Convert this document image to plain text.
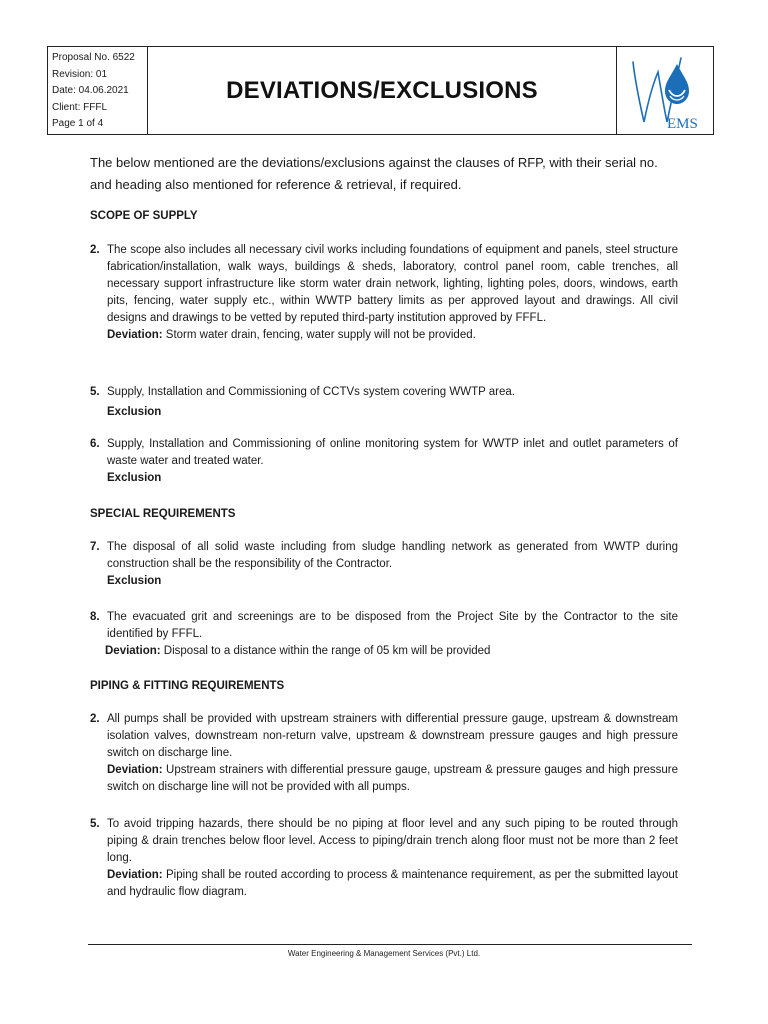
Proposal No. 6522
Revision: 01
Date: 04.06.2021
Client: FFFL
Page 1 of 4
DEVIATIONS/EXCLUSIONS
EMS

The below mentioned are the deviations/exclusions against the clauses of RFP, with their serial no. and heading also mentioned for reference & retrieval, if required.

SCOPE OF SUPPLY

2. The scope also includes all necessary civil works including foundations of equipment and panels, steel structure fabrication/installation, walk ways, buildings & sheds, laboratory, control panel room, cable trenches, all necessary support infrastructure like storm water drain network, lighting, lighting poles, doors, windows, earth pits, fencing, water supply etc., within WWTP battery limits as per approved layout and drawings. All civil designs and drawings to be vetted by reputed third-party institution approved by FFFL.

Deviation: Storm water drain, fencing, water supply will not be provided.

5. Supply, Installation and Commissioning of CCTVs system covering WWTP area.

Exclusion

6. Supply, Installation and Commissioning of online monitoring system for WWTP inlet and outlet parameters of waste water and treated water.

Exclusion

SPECIAL REQUIREMENTS

7. The disposal of all solid waste including from sludge handling network as generated from WWTP during construction shall be the responsibility of the Contractor.

Exclusion

8. The evacuated grit and screenings are to be disposed from the Project Site by the Contractor to the site identified by FFFL.

Deviation: Disposal to a distance within the range of 05 km will be provided

PIPING & FITTING REQUIREMENTS

2. All pumps shall be provided with upstream strainers with differential pressure gauge, upstream & downstream isolation valves, downstream non-return valve, upstream & downstream pressure gauges and high pressure switch on discharge line.

Deviation: Upstream strainers with differential pressure gauge, upstream & pressure gauges and high pressure switch on discharge line will not be provided with all pumps.

5. To avoid tripping hazards, there should be no piping at floor level and any such piping to be routed through piping & drain trenches below floor level. Access to piping/drain trench along floor must not be more than 2 feet long.

Deviation: Piping shall be routed according to process & maintenance requirement, as per the submitted layout and hydraulic flow diagram.

Water Engineering & Management Services (Pvt.) Ltd.
